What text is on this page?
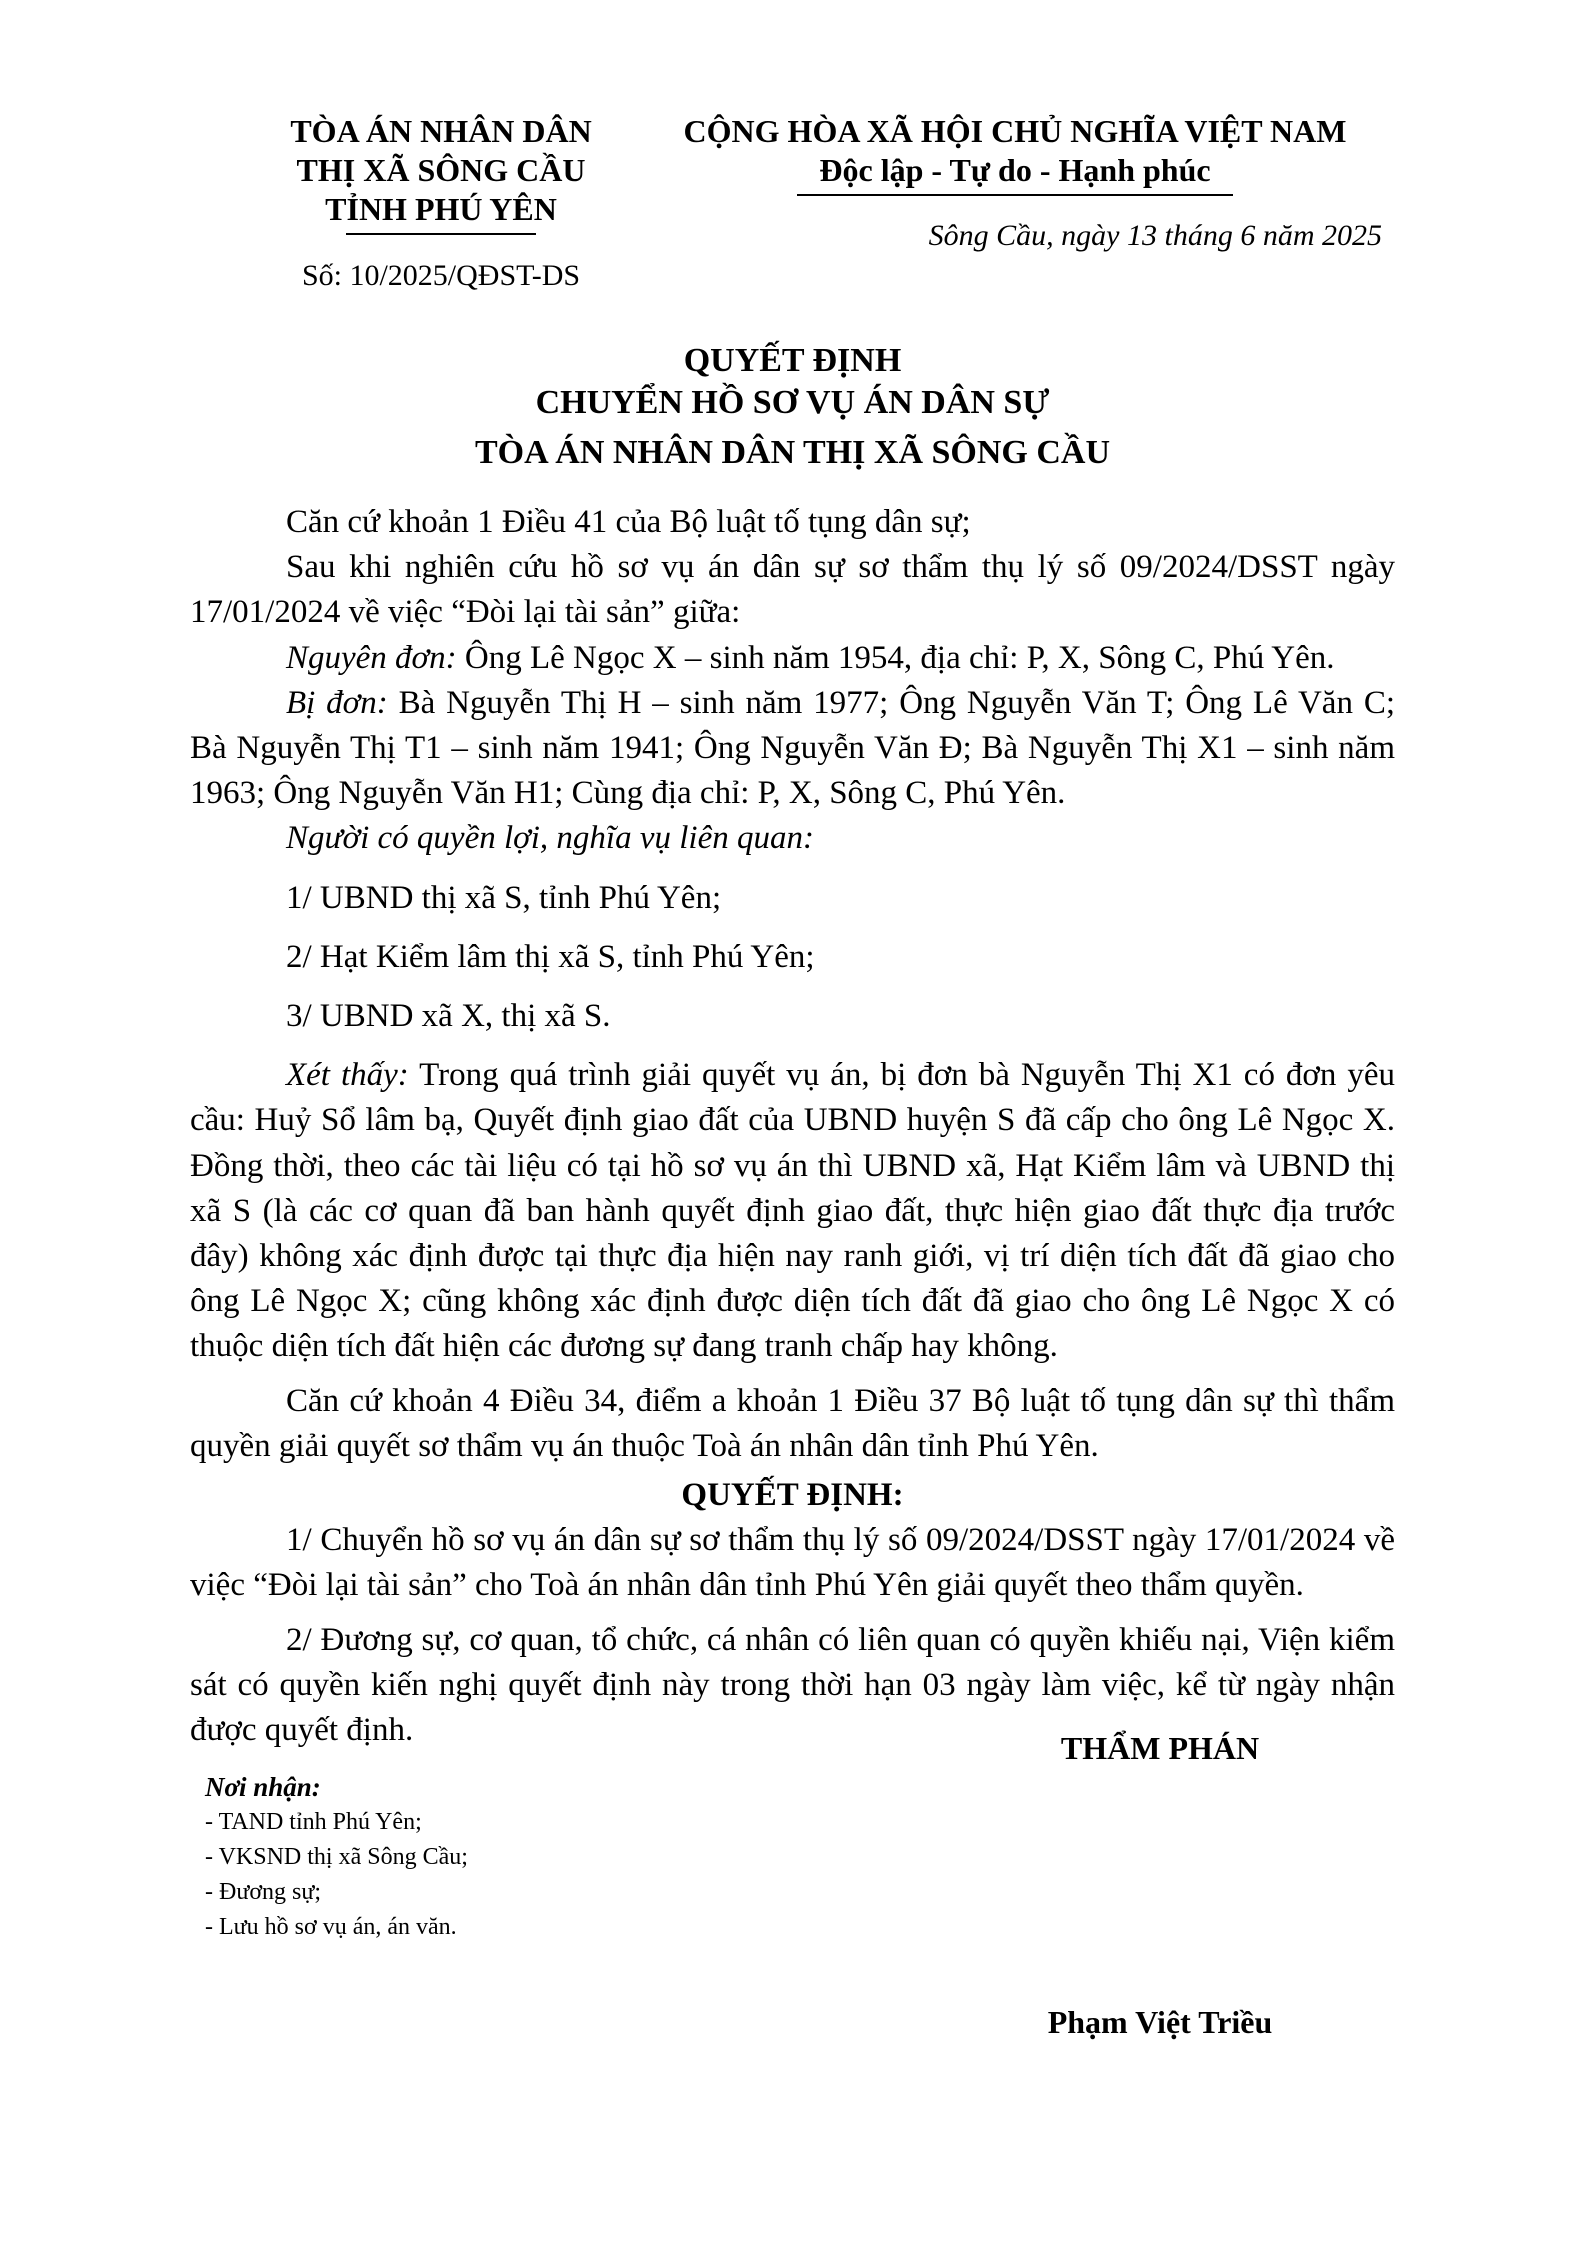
TÒA ÁN NHÂN DÂN
THỊ XÃ SÔNG CẦU
TỈNH PHÚ YÊN
Số: 10/2025/QĐST-DS
CỘNG HÒA XÃ HỘI CHỦ NGHĨA VIỆT NAM
Độc lập - Tự do - Hạnh phúc
Sông Cầu, ngày 13 tháng 6 năm 2025
QUYẾT ĐỊNH
CHUYỂN HỒ SƠ VỤ ÁN DÂN SỰ
TÒA ÁN NHÂN DÂN THỊ XÃ SÔNG CẦU

Căn cứ khoản 1 Điều 41 của Bộ luật tố tụng dân sự;

Sau khi nghiên cứu hồ sơ vụ án dân sự sơ thẩm thụ lý số 09/2024/DSST ngày 17/01/2024 về việc “Đòi lại tài sản” giữa:

Nguyên đơn: Ông Lê Ngọc X – sinh năm 1954, địa chỉ: P, X, Sông C, Phú Yên.

Bị đơn: Bà Nguyễn Thị H – sinh năm 1977; Ông Nguyễn Văn T; Ông Lê Văn C; Bà Nguyễn Thị T1 – sinh năm 1941; Ông Nguyễn Văn Đ; Bà Nguyễn Thị X1 – sinh năm 1963; Ông Nguyễn Văn H1; Cùng địa chỉ: P, X, Sông C, Phú Yên.

Người có quyền lợi, nghĩa vụ liên quan:

1/ UBND thị xã S, tỉnh Phú Yên;

2/ Hạt Kiểm lâm thị xã S, tỉnh Phú Yên;

3/ UBND xã X, thị xã S.

Xét thấy: Trong quá trình giải quyết vụ án, bị đơn bà Nguyễn Thị X1 có đơn yêu cầu: Huỷ Sổ lâm bạ, Quyết định giao đất của UBND huyện S đã cấp cho ông Lê Ngọc X. Đồng thời, theo các tài liệu có tại hồ sơ vụ án thì UBND xã, Hạt Kiểm lâm và UBND thị xã S (là các cơ quan đã ban hành quyết định giao đất, thực hiện giao đất thực địa trước đây) không xác định được tại thực địa hiện nay ranh giới, vị trí diện tích đất đã giao cho ông Lê Ngọc X; cũng không xác định được diện tích đất đã giao cho ông Lê Ngọc X có thuộc diện tích đất hiện các đương sự đang tranh chấp hay không.

Căn cứ khoản 4 Điều 34, điểm a khoản 1 Điều 37 Bộ luật tố tụng dân sự thì thẩm quyền giải quyết sơ thẩm vụ án thuộc Toà án nhân dân tỉnh Phú Yên.

QUYẾT ĐỊNH:

1/ Chuyển hồ sơ vụ án dân sự sơ thẩm thụ lý số 09/2024/DSST ngày 17/01/2024 về việc “Đòi lại tài sản” cho Toà án nhân dân tỉnh Phú Yên giải quyết theo thẩm quyền.

2/ Đương sự, cơ quan, tổ chức, cá nhân có liên quan có quyền khiếu nại, Viện kiểm sát có quyền kiến nghị quyết định này trong thời hạn 03 ngày làm việc, kể từ ngày nhận được quyết định.	THẨM PHÁN
Nơi nhận:
- TAND tỉnh Phú Yên;
- VKSND thị xã Sông Cầu;
- Đương sự;
- Lưu hồ sơ vụ án, án văn.
Phạm Việt Triều
